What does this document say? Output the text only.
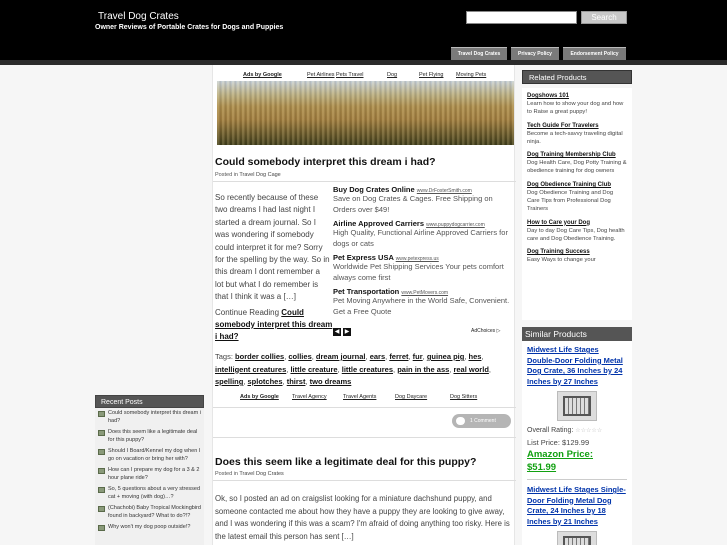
Travel Dog Crates
Owner Reviews of Portable Crates for Dogs and Puppies
Search
Travel Dog Crates	Privacy Policy	Endorsement Policy
Recent Posts
Could somebody interpret this dream i had?
Does this seem like a legitimate deal for this puppy?
Should I Board/Kennel my dog when I go on vacation or bring her with?
How can I prepare my dog for a 3 & 2 hour plane ride?
So, 5 questions about a very stressed cat + moving (with dog)…?
(Chachobi) Baby Tropical Mockingbird found in backyard? What to do?!?
Why won't my dog poop outside!?
Ads by Google	Pet Airlines Pets Travel	Dog	Pet Flying Moving Pets
Could somebody interpret this dream i had?
Posted in Travel Dog Cage
So recently because of these two dreams I had last night I started a dream journal. So I was wondering if somebody could interpret it for me? Sorry for the spelling by the way. So in this dream I dont remember a lot but what I do remember is that I think it was a […]
Continue Reading Could somebody interpret this dream i had?
Buy Dog Crates Online www.DrFosterSmith.com
Save on Dog Crates & Cages. Free Shipping on Orders over $49!
Airline Approved Carriers www.puppydogcarrier.com
High Quality, Functional Airline Approved Carriers for dogs or cats
Pet Express USA www.petexpress.us
Worldwide Pet Shipping Services Your pets comfort always come first
Pet Transportation www.PetMovers.com
Pet Moving Anywhere in the World Safe, Convenient. Get a Free Quote
◀ ▶	AdChoices ▷
Tags: border collies, collies, dream journal, ears, ferret, fur, guinea pig, hes, intelligent creatures, little creature, little creatures, pain in the ass, real world, spelling, splotches, thirst, two dreams
Ads by Google Travel Agency	Travel Agents	Dog Daycare	Dog Sitters
1 Comment
Does this seem like a legitimate deal for this puppy?
Posted in Travel Dog Crates
Ok, so I posted an ad on craigslist looking for a miniature dachshund puppy, and someone contacted me about how they have a puppy they are looking to give away, and I was wondering if this was a scam? I'm afraid of doing anything too risky. Here is the latest email this person has sent […]
Related Products
Dogshows 101
Learn how to show your dog and how to Raise a great puppy!
Tech Guide For Travelers
Become a tech-savvy traveling digital ninja.
Dog Training Membership Club
Dog Health Care, Dog Potty Training & obedience training for dog owners
Dog Obedience Training Club
Dog Obedience Training and Dog Care Tips from Professional Dog Trainers
How to Care your Dog
Day to day Dog Care Tips, Dog health care and Dog Obedience Training.
Dog Training Success
Easy Ways to change your
Similar Products
Midwest Life Stages Double-Door Folding Metal Dog Crate, 36 Inches by 24 Inches by 27 Inches
Overall Rating: ☆☆☆☆☆
List Price: $129.99
Amazon Price:
$51.99
Midwest Life Stages Single-Door Folding Metal Dog Crate, 24 Inches by 18 Inches by 21 Inches
